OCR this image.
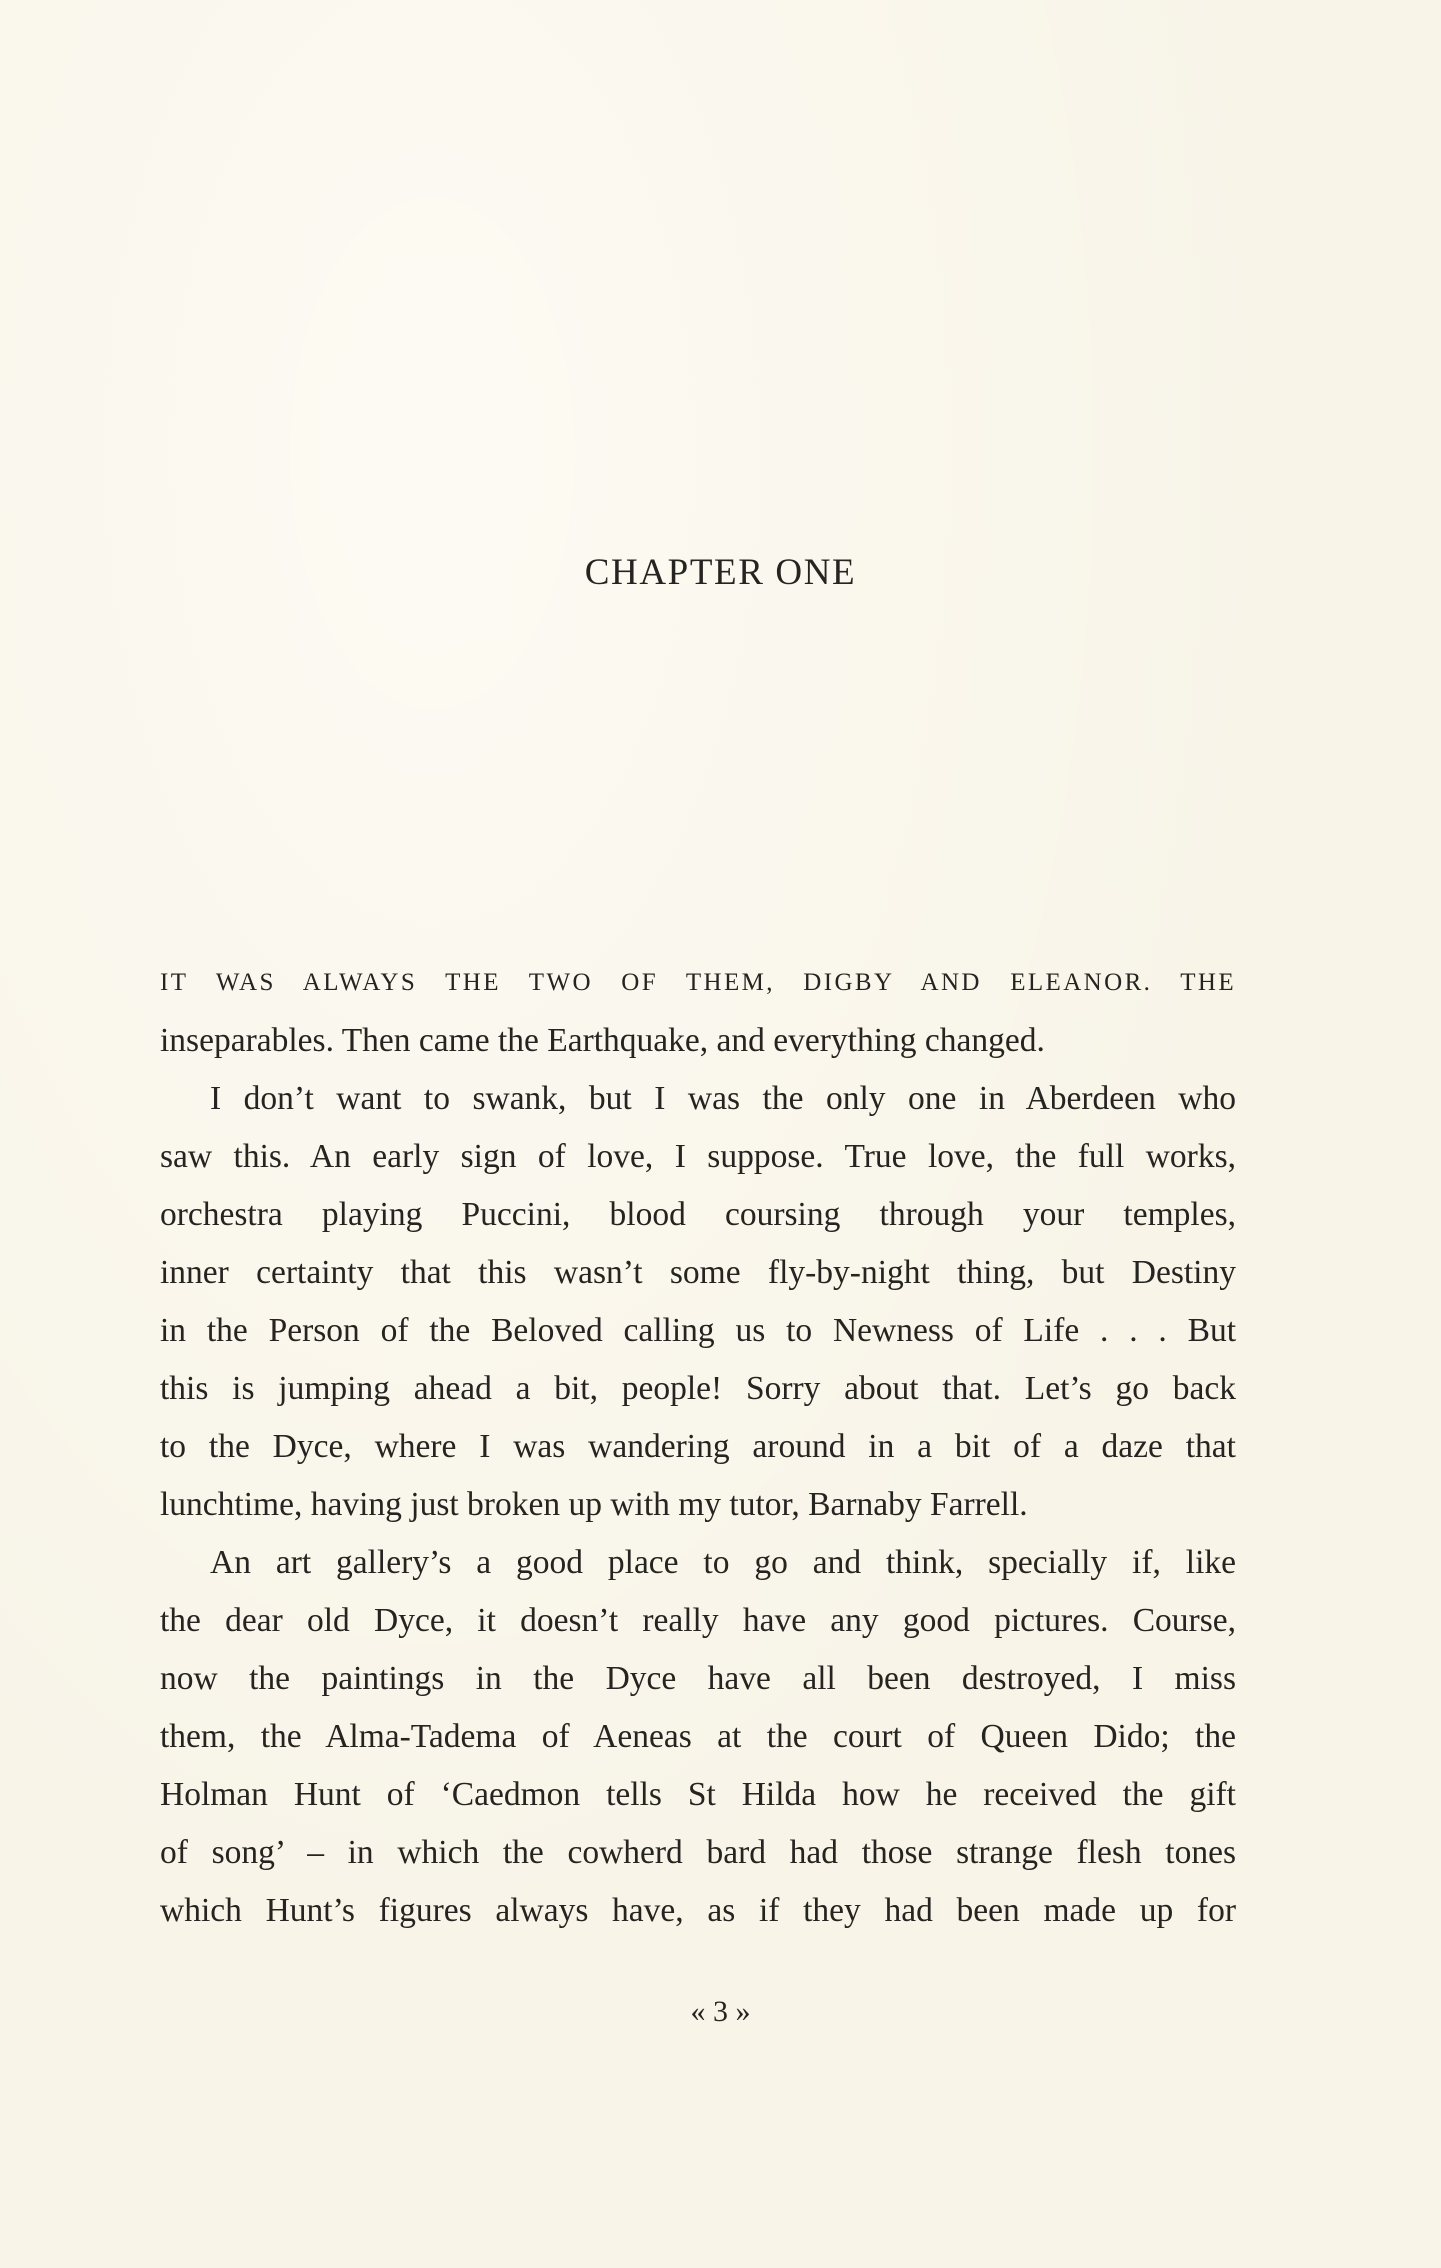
CHAPTER ONE
IT WAS ALWAYS THE TWO OF THEM, DIGBY AND ELEANOR. THE
inseparables. Then came the Earthquake, and everything changed.
I don’t want to swank, but I was the only one in Aberdeen who
saw this. An early sign of love, I suppose. True love, the full works,
orchestra playing Puccini, blood coursing through your temples,
inner certainty that this wasn’t some fly-by-night thing, but Destiny
in the Person of the Beloved calling us to Newness of Life . . . But
this is jumping ahead a bit, people! Sorry about that. Let’s go back
to the Dyce, where I was wandering around in a bit of a daze that
lunchtime, having just broken up with my tutor, Barnaby Farrell.
An art gallery’s a good place to go and think, specially if, like
the dear old Dyce, it doesn’t really have any good pictures. Course,
now the paintings in the Dyce have all been destroyed, I miss
them, the Alma-Tadema of Aeneas at the court of Queen Dido; the
Holman Hunt of ‘Caedmon tells St Hilda how he received the gift
of song’ – in which the cowherd bard had those strange flesh tones
which Hunt’s figures always have, as if they had been made up for
« 3 »
